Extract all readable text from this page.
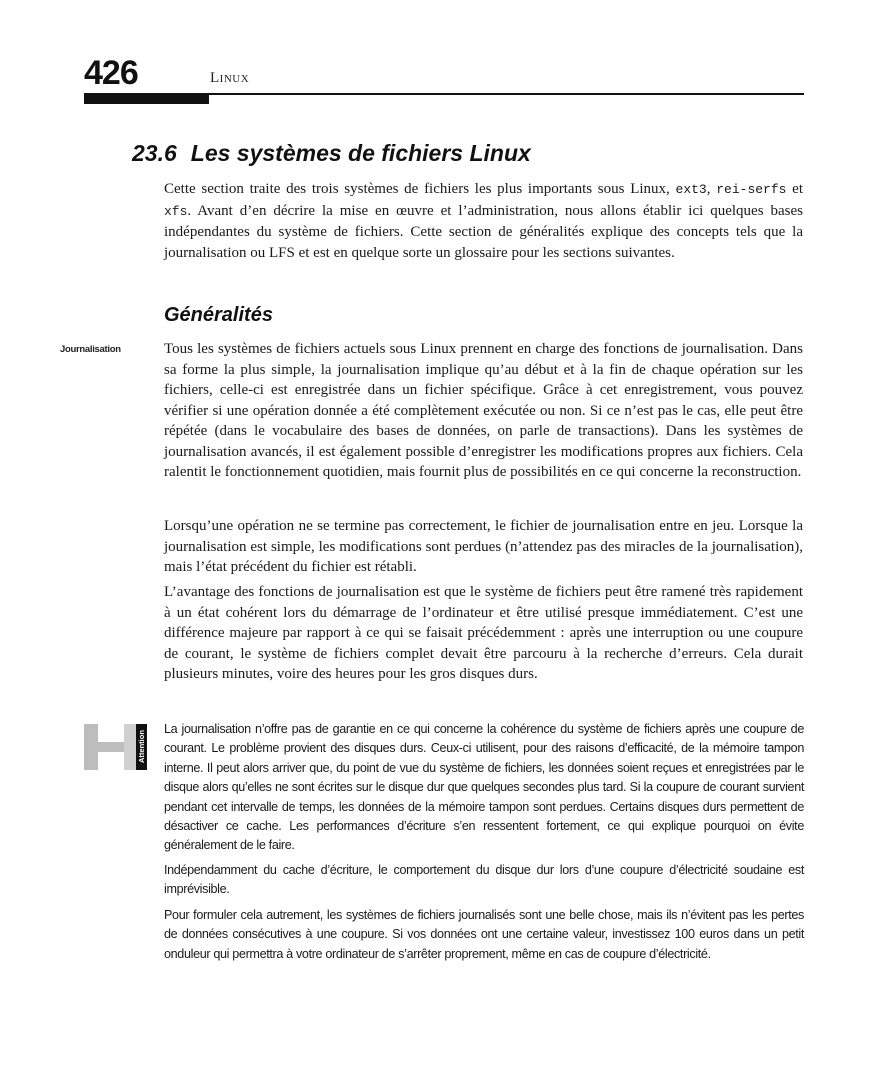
426	Linux
23.6 Les systèmes de fichiers Linux

Cette section traite des trois systèmes de fichiers les plus importants sous Linux, ext3, rei-serfs et xfs. Avant d’en décrire la mise en œuvre et l’administration, nous allons établir ici quelques bases indépendantes du système de fichiers. Cette section de généralités explique des concepts tels que la journalisation ou LFS et est en quelque sorte un glossaire pour les sections suivantes.

Généralités
Journalisation	Tous les systèmes de fichiers actuels sous Linux prennent en charge des fonctions de journalisation. Dans sa forme la plus simple, la journalisation implique qu’au début et à la fin de chaque opération sur les fichiers, celle-ci est enregistrée dans un fichier spécifique. Grâce à cet enregistrement, vous pouvez vérifier si une opération donnée a été complètement exécutée ou non. Si ce n’est pas le cas, elle peut être répétée (dans le vocabulaire des bases de données, on parle de transactions). Dans les systèmes de journalisation avancés, il est également possible d’enregistrer les modifications propres aux fichiers. Cela ralentit le fonctionnement quotidien, mais fournit plus de possibilités en ce qui concerne la reconstruction.

Lorsqu’une opération ne se termine pas correctement, le fichier de journalisation entre en jeu. Lorsque la journalisation est simple, les modifications sont perdues (n’attendez pas des miracles de la journalisation), mais l’état précédent du fichier est rétabli.

L’avantage des fonctions de journalisation est que le système de fichiers peut être ramené très rapidement à un état cohérent lors du démarrage de l’ordinateur et être utilisé presque immédiatement. C’est une différence majeure par rapport à ce qui se faisait précédemment : après une interruption ou une coupure de courant, le système de fichiers complet devait être parcouru à la recherche d’erreurs. Cela durait plusieurs minutes, voire des heures pour les gros disques durs.

Attention

La journalisation n’offre pas de garantie en ce qui concerne la cohérence du système de fichiers après une coupure de courant. Le problème provient des disques durs. Ceux-ci utilisent, pour des raisons d’efficacité, de la mémoire tampon interne. Il peut alors arriver que, du point de vue du système de fichiers, les données soient reçues et enregistrées par le disque alors qu’elles ne sont écrites sur le disque dur que quelques secondes plus tard. Si la coupure de courant survient pendant cet intervalle de temps, les données de la mémoire tampon sont perdues. Certains disques durs permettent de désactiver ce cache. Les performances d’écriture s’en ressentent fortement, ce qui explique pourquoi on évite généralement de le faire.

Indépendamment du cache d’écriture, le comportement du disque dur lors d’une coupure d’électricité soudaine est imprévisible.

Pour formuler cela autrement, les systèmes de fichiers journalisés sont une belle chose, mais ils n’évitent pas les pertes de données consécutives à une coupure. Si vos données ont une certaine valeur, investissez 100 euros dans un petit onduleur qui permettra à votre ordinateur de s’arrêter proprement, même en cas de coupure d’électricité.
